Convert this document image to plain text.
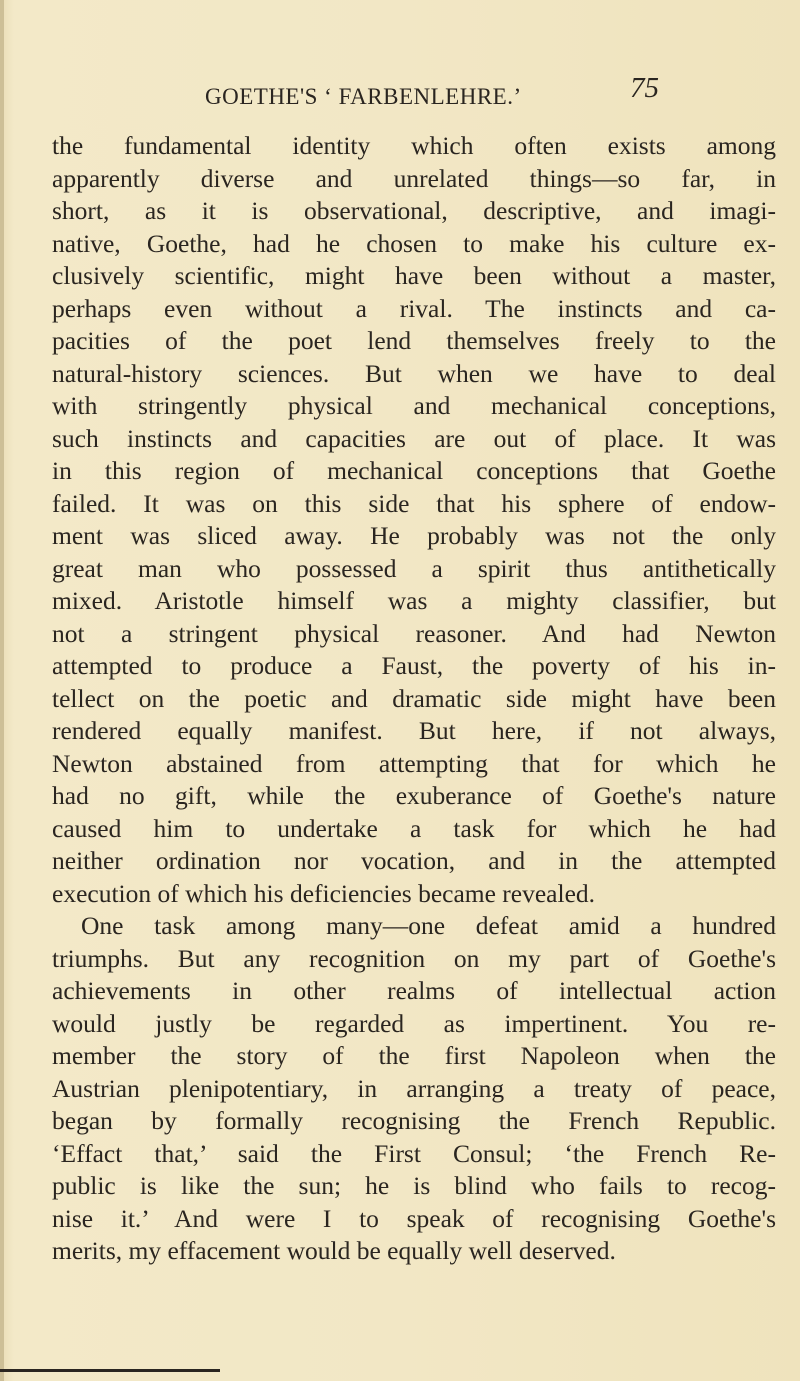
GOETHE'S ‘ FARBENLEHRE.’	75
the fundamental identity which often exists among
apparently diverse and unrelated things—so far, in
short, as it is observational, descriptive, and imagi-
native, Goethe, had he chosen to make his culture ex-
clusively scientific, might have been without a master,
perhaps even without a rival. The instincts and ca-
pacities of the poet lend themselves freely to the
natural-history sciences. But when we have to deal
with stringently physical and mechanical conceptions,
such instincts and capacities are out of place. It was
in this region of mechanical conceptions that Goethe
failed. It was on this side that his sphere of endow-
ment was sliced away. He probably was not the only
great man who possessed a spirit thus antithetically
mixed. Aristotle himself was a mighty classifier, but
not a stringent physical reasoner. And had Newton
attempted to produce a Faust, the poverty of his in-
tellect on the poetic and dramatic side might have been
rendered equally manifest. But here, if not always,
Newton abstained from attempting that for which he
had no gift, while the exuberance of Goethe's nature
caused him to undertake a task for which he had
neither ordination nor vocation, and in the attempted
execution of which his deficiencies became revealed.
One task among many—one defeat amid a hundred
triumphs. But any recognition on my part of Goethe's
achievements in other realms of intellectual action
would justly be regarded as impertinent. You re-
member the story of the first Napoleon when the
Austrian plenipotentiary, in arranging a treaty of peace,
began by formally recognising the French Republic.
‘Effact that,’ said the First Consul; ‘the French Re-
public is like the sun; he is blind who fails to recog-
nise it.’ And were I to speak of recognising Goethe's
merits, my effacement would be equally well deserved.
